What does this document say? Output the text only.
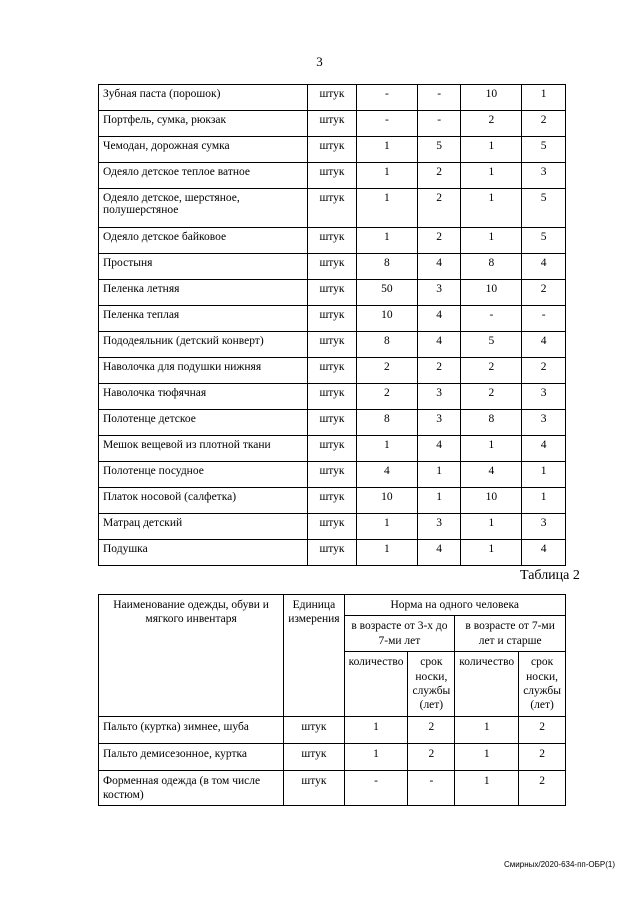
3
Зубная паста (порошок)	штук	-	-	10	1
Портфель, сумка, рюкзак	штук	-	-	2	2
Чемодан, дорожная сумка	штук	1	5	1	5
Одеяло детское теплое ватное	штук	1	2	1	3
Одеяло детское, шерстяное, полушерстяное	штук	1	2	1	5
Одеяло детское байковое	штук	1	2	1	5
Простыня	штук	8	4	8	4
Пеленка летняя	штук	50	3	10	2
Пеленка теплая	штук	10	4	-	-
Пододеяльник (детский конверт)	штук	8	4	5	4
Наволочка для подушки нижняя	штук	2	2	2	2
Наволочка тюфячная	штук	2	3	2	3
Полотенце детское	штук	8	3	8	3
Мешок вещевой из плотной ткани	штук	1	4	1	4
Полотенце посудное	штук	4	1	4	1
Платок носовой (салфетка)	штук	10	1	10	1
Матрац детский	штук	1	3	1	3
Подушка	штук	1	4	1	4
Таблица 2
Наименование одежды, обуви и мягкого инвентаря	Единица измерения	Норма на одного человека			
		в возрасте от 3-х до 7-ми лет		в возрасте от 7-ми лет и старше	
		количество	срок носки, службы (лет)	количество	срок носки, службы (лет)
Пальто (куртка) зимнее, шуба	штук	1	2	1	2
Пальто демисезонное, куртка	штук	1	2	1	2
Форменная одежда (в том числе костюм)	штук	-	-	1	2
Смирных/2020-634-пп-ОБР(1)
